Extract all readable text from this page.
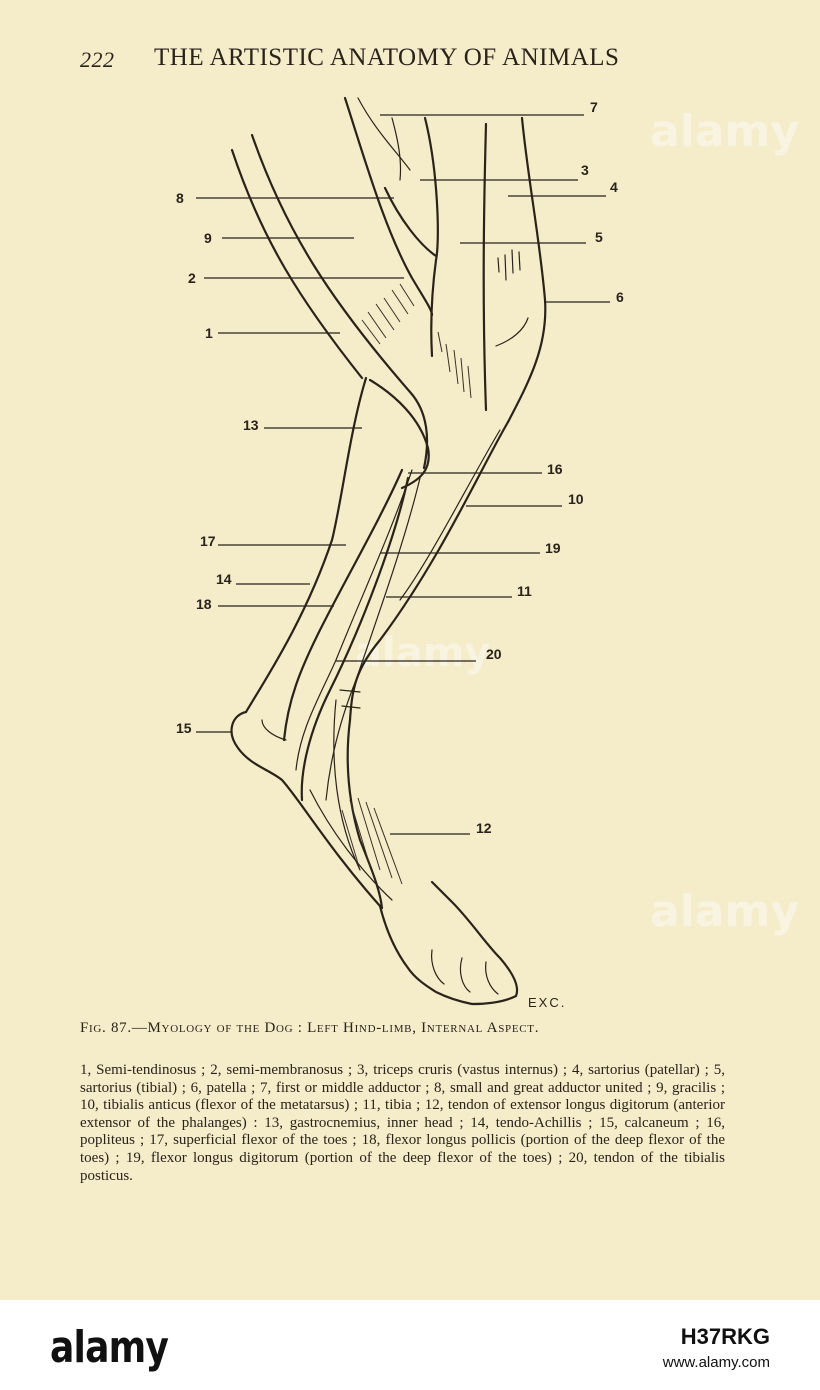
222 THE ARTISTIC ANATOMY OF ANIMALS
alamy
alamy
alamy
7
3
4
8
9	5
2
6
1
13
16
10
17	19
14
11
18
20
15
12
EXC.
Fig. 87.—Myology of the Dog : Left Hind-limb, Internal Aspect.
1, Semi-tendinosus ; 2, semi-membranosus ; 3, triceps cruris (vastus internus) ; 4, sartorius (patellar) ; 5, sartorius (tibial) ; 6, patella ; 7, first or middle adductor ; 8, small and great adductor united ; 9, gracilis ; 10, tibialis anticus (flexor of the metatarsus) ; 11, tibia ; 12, tendon of extensor longus digitorum (anterior extensor of the phalanges) : 13, gastrocnemius, inner head ; 14, tendo-Achillis ; 15, calcaneum ; 16, popliteus ; 17, superficial flexor of the toes ; 18, flexor longus pollicis (portion of the deep flexor of the toes) ; 19, flexor longus digitorum (portion of the deep flexor of the toes) ; 20, tendon of the tibialis posticus.
alamy	H37RKG
www.alamy.com
